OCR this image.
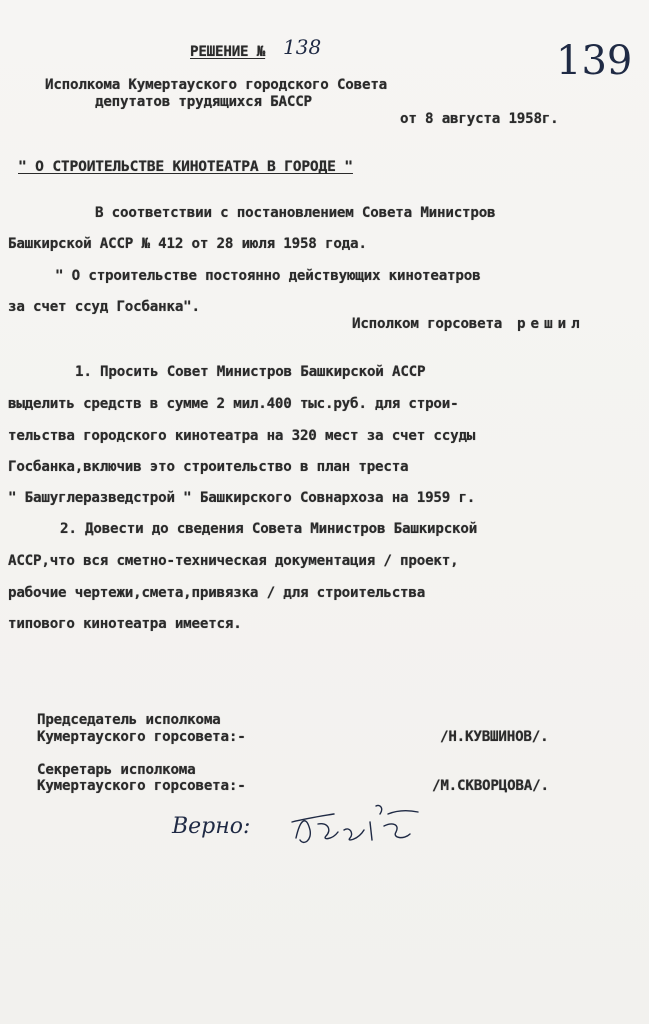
РЕШЕНИЕ № 138	139
Исполкома Кумертауского городского Совета
депутатов трудящихся БАССР
от 8 августа 1958г.
" О СТРОИТЕЛЬСТВЕ КИНОТЕАТРА В ГОРОДЕ "
В соответствии с постановлением Совета Министров
Башкирской АССР № 412 от 28 июля 1958 года.
" О строительстве постоянно действующих кинотеатров
за счет ссуд Госбанка".
Исполком горсовета решил
1. Просить Совет Министров Башкирской АССР
выделить средств в сумме 2 мил.400 тыс.руб. для строи-
тельства городского кинотеатра на 320 мест за счет ссуды
Госбанка,включив это строительство в план треста
" Башуглеразведстрой " Башкирского Совнархоза на 1959 г.
2. Довести до сведения Совета Министров Башкирской
АССР,что вся сметно-техническая документация / проект,
рабочие чертежи,смета,привязка / для строительства
типового кинотеатра имеется.
Председатель исполкома
Кумертауского горсовета:-	/Н.КУВШИНОВ/.
Секретарь исполкома
Кумертауского горсовета:-	/М.СКВОРЦОВА/.
Верно:
